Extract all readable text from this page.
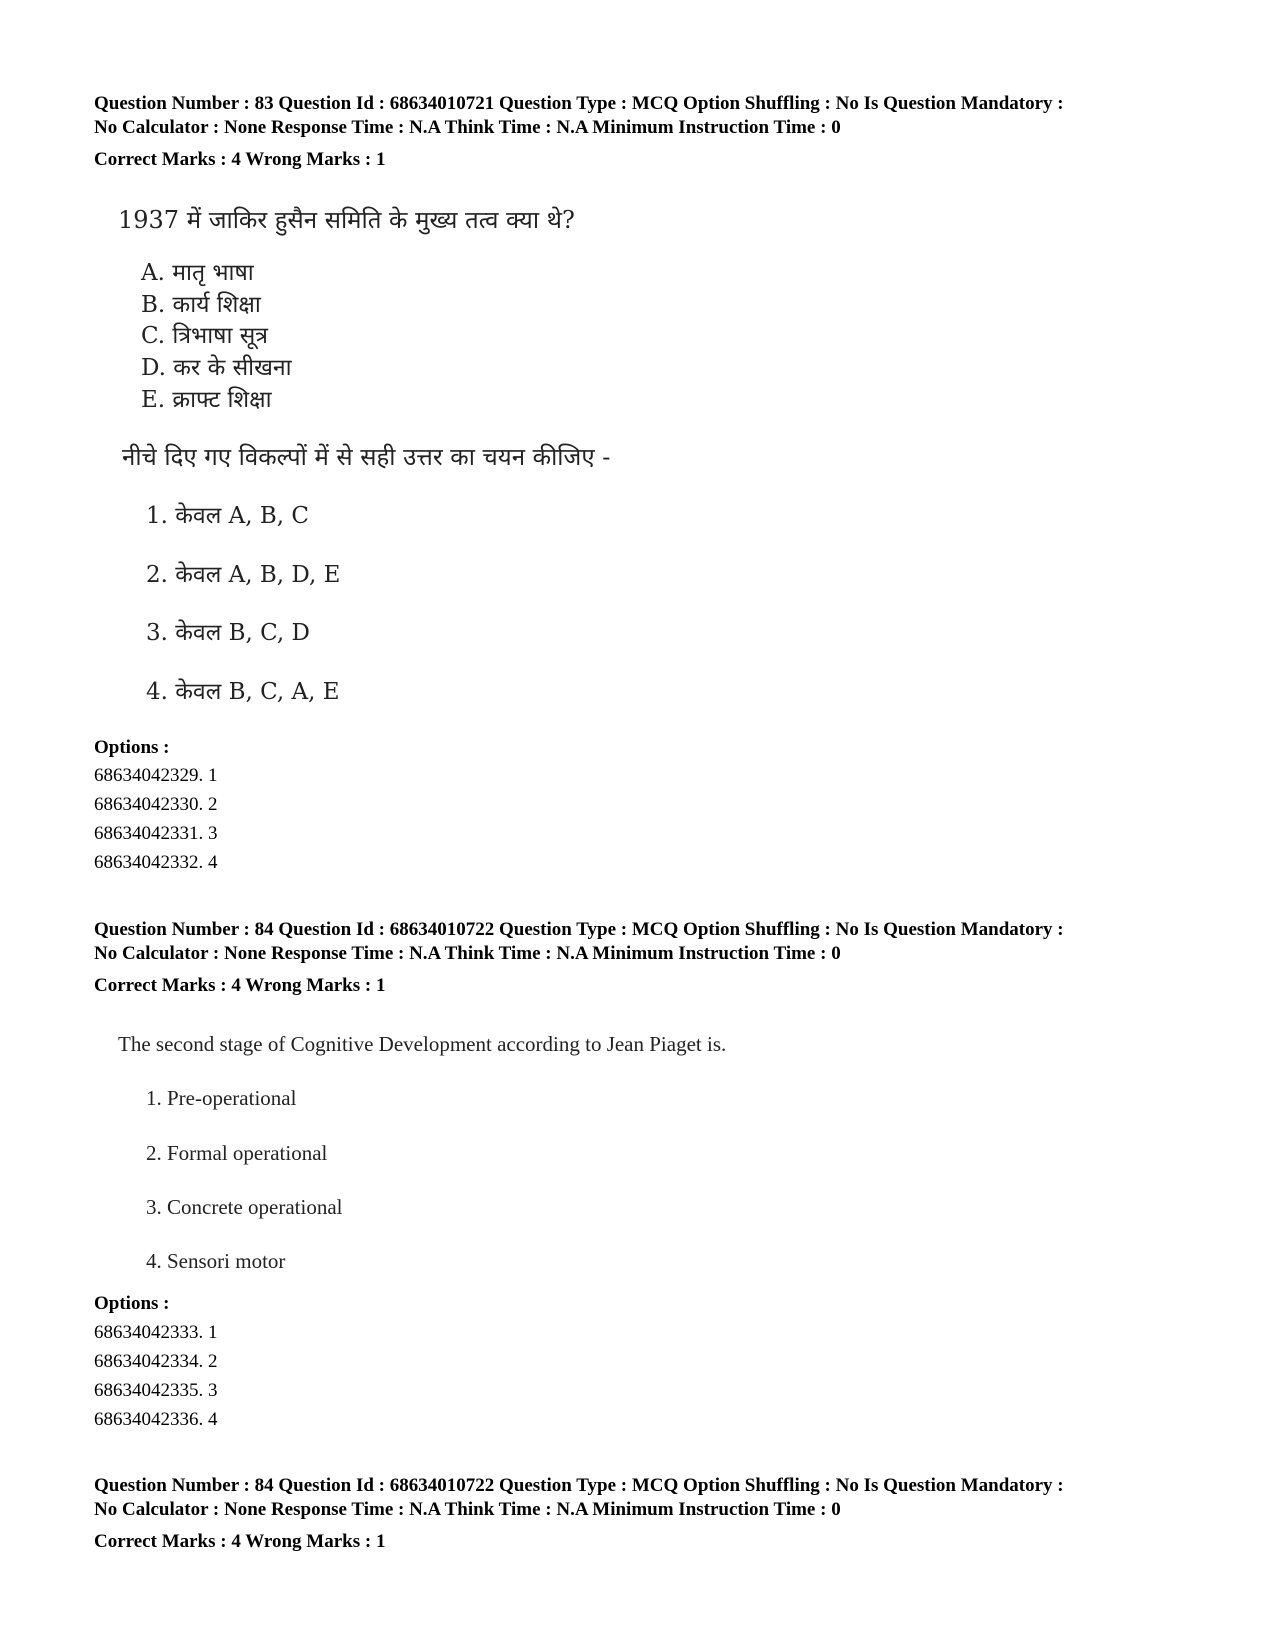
Question Number : 83 Question Id : 68634010721 Question Type : MCQ Option Shuffling : No Is Question Mandatory :
No Calculator : None Response Time : N.A Think Time : N.A Minimum Instruction Time : 0
Correct Marks : 4 Wrong Marks : 1
1937 में जाकिर हुसैन समिति के मुख्य तत्व क्या थे?
A. मातृ भाषा
B. कार्य शिक्षा
C. त्रिभाषा सूत्र
D. कर के सीखना
E. क्राफ्ट शिक्षा
नीचे दिए गए विकल्पों में से सही उत्तर का चयन कीजिए -
1. केवल A, B, C
2. केवल A, B, D, E
3. केवल B, C, D
4. केवल B, C, A, E
Options :
68634042329. 1
68634042330. 2
68634042331. 3
68634042332. 4
Question Number : 84 Question Id : 68634010722 Question Type : MCQ Option Shuffling : No Is Question Mandatory :
No Calculator : None Response Time : N.A Think Time : N.A Minimum Instruction Time : 0
Correct Marks : 4 Wrong Marks : 1
The second stage of Cognitive Development according to Jean Piaget is.
1. Pre-operational
2. Formal operational
3. Concrete operational
4. Sensori motor
Options :
68634042333. 1
68634042334. 2
68634042335. 3
68634042336. 4
Question Number : 84 Question Id : 68634010722 Question Type : MCQ Option Shuffling : No Is Question Mandatory :
No Calculator : None Response Time : N.A Think Time : N.A Minimum Instruction Time : 0
Correct Marks : 4 Wrong Marks : 1
